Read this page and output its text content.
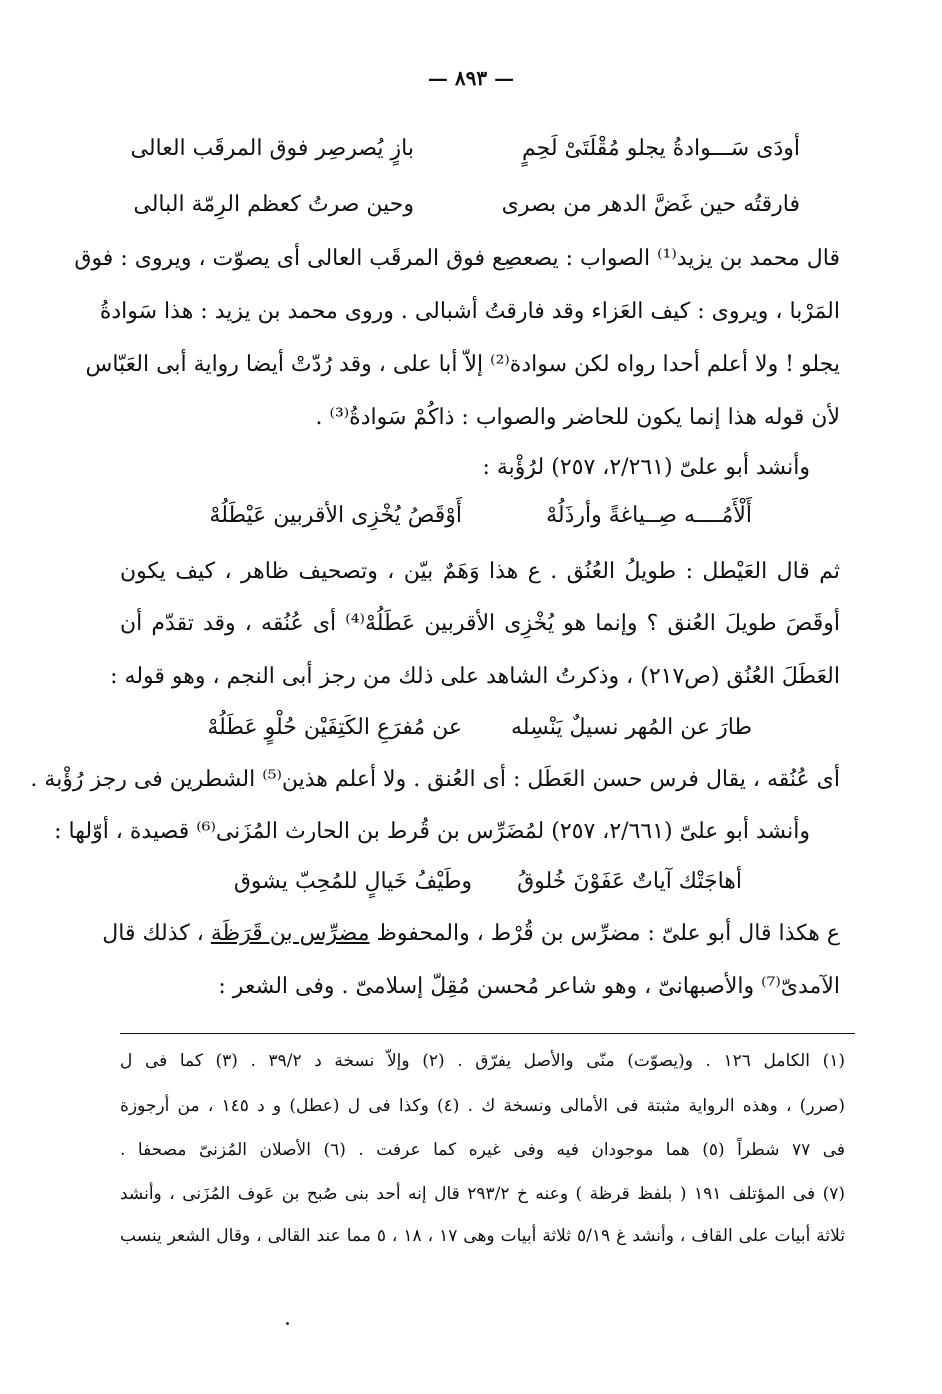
— ٨٩٣ —
أودَى سَـــوادةُ يجلو مُقْلَتَىْ لَحِمٍ
بازٍ يُصرصِر فوق المرقَب العالى
فارقتُه حين غَضَّ الدهر من بصرى
وحين صرتُ كعظم الرِمّة البالى
قال محمد بن يزيد⁽¹⁾ الصواب : يصعصِع فوق المرقَب العالى أى يصوّت ، ويروى : فوق
المَرْبا ، ويروى : كيف العَزاء وقد فارقتُ أشبالى . وروى محمد بن يزيد : هذا سَوادةُ
يجلو ! ولا أعلم أحدا رواه لكن سوادة⁽²⁾ إلاّ أبا على ، وقد رُدّتْ أيضا رواية أبى العَبّاس
لأن قوله هذا إنما يكون للحاضر والصواب : ذاكُمْ سَوادةُ⁽³⁾ .
وأنشد أبو علىّ (٢/٢٦١، ٢٥٧) لرُؤْبة :
أَلْأَمُــــه صِــياغةً وأرذَلُهْ
أَوْقَصُ يُخْزِى الأقربين عَيْطَلُهْ
ثم قال العَيْطل : طويلُ العُنُق . ع هذا وَهَمٌ بيّن ، وتصحيف ظاهر ، كيف يكون
أوقَصَ طويلَ العُنق ؟ وإنما هو يُخْزِى الأقربين عَطَلُهْ⁽⁴⁾ أى عُنُقه ، وقد تقدّم أن
العَطَلَ العُنُق (ص٢١٧) ، وذكرتُ الشاهد على ذلك من رجز أبى النجم ، وهو قوله :
طارَ عن المُهر نسيلٌ يَنْسِله
عن مُفرَعِ الكَتِفَيْن حُلْوٍ عَطَلُهْ
أى عُنُقه ، يقال فرس حسن العَطَل : أى العُنق . ولا أعلم هذين⁽⁵⁾ الشطرين فى رجز رُؤْبة .
وأنشد أبو علىّ (٢/٦٦١، ٢٥٧) لمُضَرِّس بن قُرط بن الحارث المُزَنى⁽⁶⁾ قصيدة ، أوّلها :
أهاجَتْك آياتٌ عَفَوْنَ خُلوقُ
وطَيْفُ خَيالٍ للمُحِبّ يشوق
ع هكذا قال أبو علىّ : مضرِّس بن قُرْط ، والمحفوظ مضرِّس بن قَرَظَة ، كذلك قال
الآمدىّ⁽⁷⁾ والأصبهانىّ ، وهو شاعر مُحسن مُقِلّ إسلامىّ . وفى الشعر :
(١) الكامل ١٢٦ . و(يصوّت) منّى والأصل يفرّق . (٢) وإلاّ نسخة د ٣٩/٢ . (٣) كما فى ل
(صرر) ، وهذه الرواية مثبتة فى الأمالى ونسخة ك . (٤) وكذا فى ل (عطل) و د ١٤٥ ، من أرجوزة
فى ٧٧ شطراً (٥) هما موجودان فيه وفى غيره كما عرفت . (٦) الأصلان المُزنىّ مصحفا .
(٧) فى المؤتلف ١٩١ ( بلفظ قرظة ) وعنه خ ٢٩٣/٢ قال إنه أحد بنى صُبح بن عَوف المُزَنى ، وأنشد
ثلاثة أبيات على القاف ، وأنشد غ ٥/١٩ ثلاثة أبيات وهى ١٧ ، ١٨ ، ٥ مما عند القالى ، وقال الشعر ينسب
